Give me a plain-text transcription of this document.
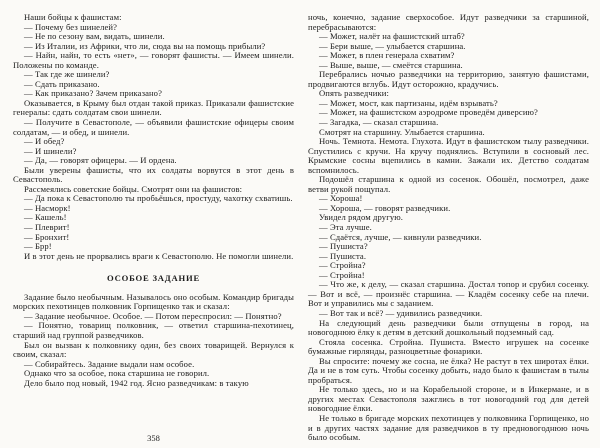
Наши бойцы к фашистам:
— Почему без шинелей?
— Не по сезону вам, видать, шинели.
— Из Италии, из Африки, что ли, сюда вы на помощь прибыли?
— Найн, найн, то есть «нет», — говорят фашисты. — Имеем шинели. Положены по команде.
— Так где же шинели?
— Сдать приказано.
— Как приказано? Зачем приказано?
Оказывается, в Крыму был отдан такой приказ. Приказали фашистские генералы: сдать солдатам свои шинели.
— Получите в Севастополе, — объявили фашистские офицеры своим солдатам, — и обед, и шинели.
— И обед?
— И шинели?
— Да, — говорят офицеры. — И ордена.
Были уверены фашисты, что их солдаты ворвутся в этот день в Севастополь.
Рассмеялись советские бойцы. Смотрят они на фашистов:
— Да пока к Севастополю ты пробьёшься, простуду, чахотку схватишь.
— Насморк!
— Кашель!
— Плеврит!
— Бронхит!
— Брр!
И в этот день не прорвались враги к Севастополю. Не помогли шинели.
ОСОБОЕ ЗАДАНИЕ
Задание было необычным. Называлось оно особым. Командир бригады морских пехотинцев полковник Горпищенко так и сказал:
— Задание необычное. Особое. — Потом переспросил: — Понятно?
— Понятно, товарищ полковник, — ответил старшина-пехотинец, старший над группой разведчиков.
Был он вызван к полковнику один, без своих товарищей. Вернулся к своим, сказал:
— Собирайтесь. Задание выдали нам особое.
Однако что за особое, пока старшина не говорил.
Дело было под новый, 1942 год. Ясно разведчикам: в такую
ночь, конечно, задание сверхособое. Идут разведчики за старшиной, перебрасываются:
— Может, налёт на фашистский штаб?
— Бери выше, — улыбается старшина.
— Может, в плен генерала схватим?
— Выше, выше, — смеётся старшина.
Перебрались ночью разведчики на территорию, занятую фашистами, продвигаются вглубь. Идут осторожно, крадучись.
Опять разведчики:
— Может, мост, как партизаны, идём взрывать?
— Может, на фашистском аэродроме проведём диверсию?
— Загадка, — сказал старшина.
Смотрят на старшину. Улыбается старшина.
Ночь. Темнота. Немота. Глухота. Идут в фашистском тылу разведчики. Спустились с кручи. На кручу поднялись. Вступили в сосновый лес. Крымские сосны вцепились в камни. Зажали их. Детство солдатам вспомнилось.
Подошёл старшина к одной из сосенок. Обошёл, посмотрел, даже ветви рукой пощупал.
— Хороша!
— Хороша, — говорят разведчики.
Увидел рядом другую.
— Эта лучше.
— Сдаётся, лучше, — кивнули разведчики.
— Пушиста?
— Пушиста.
— Стройна?
— Стройна!
— Что же, к делу, — сказал старшина. Достал топор и срубил сосенку. — Вот и всё, — произнёс старшина. — Кладём сосенку себе на плечи. Вот и управились мы с заданием.
— Вот так и всё? — удивились разведчики.
На следующий день разведчики были отпущены в город, на новогоднюю ёлку к детям в детский дошкольный подземный сад.
Стояла сосенка. Стройна. Пушиста. Вместо игрушек на сосенке бумажные гирлянды, разноцветные фонарики.
Вы спросите: почему же сосна, не ёлка? Не растут в тех широтах ёлки. Да и не в том суть. Чтобы сосенку добыть, надо было к фашистам в тылы пробраться.
Не только здесь, но и на Корабельной стороне, и в Инкермане, и в других местах Севастополя зажглись в тот новогодний год для детей новогодние ёлки.
Не только в бригаде морских пехотинцев у полковника Горпищенко, но и в других частях задание для разведчиков в ту предновогоднюю ночь было особым.
358
